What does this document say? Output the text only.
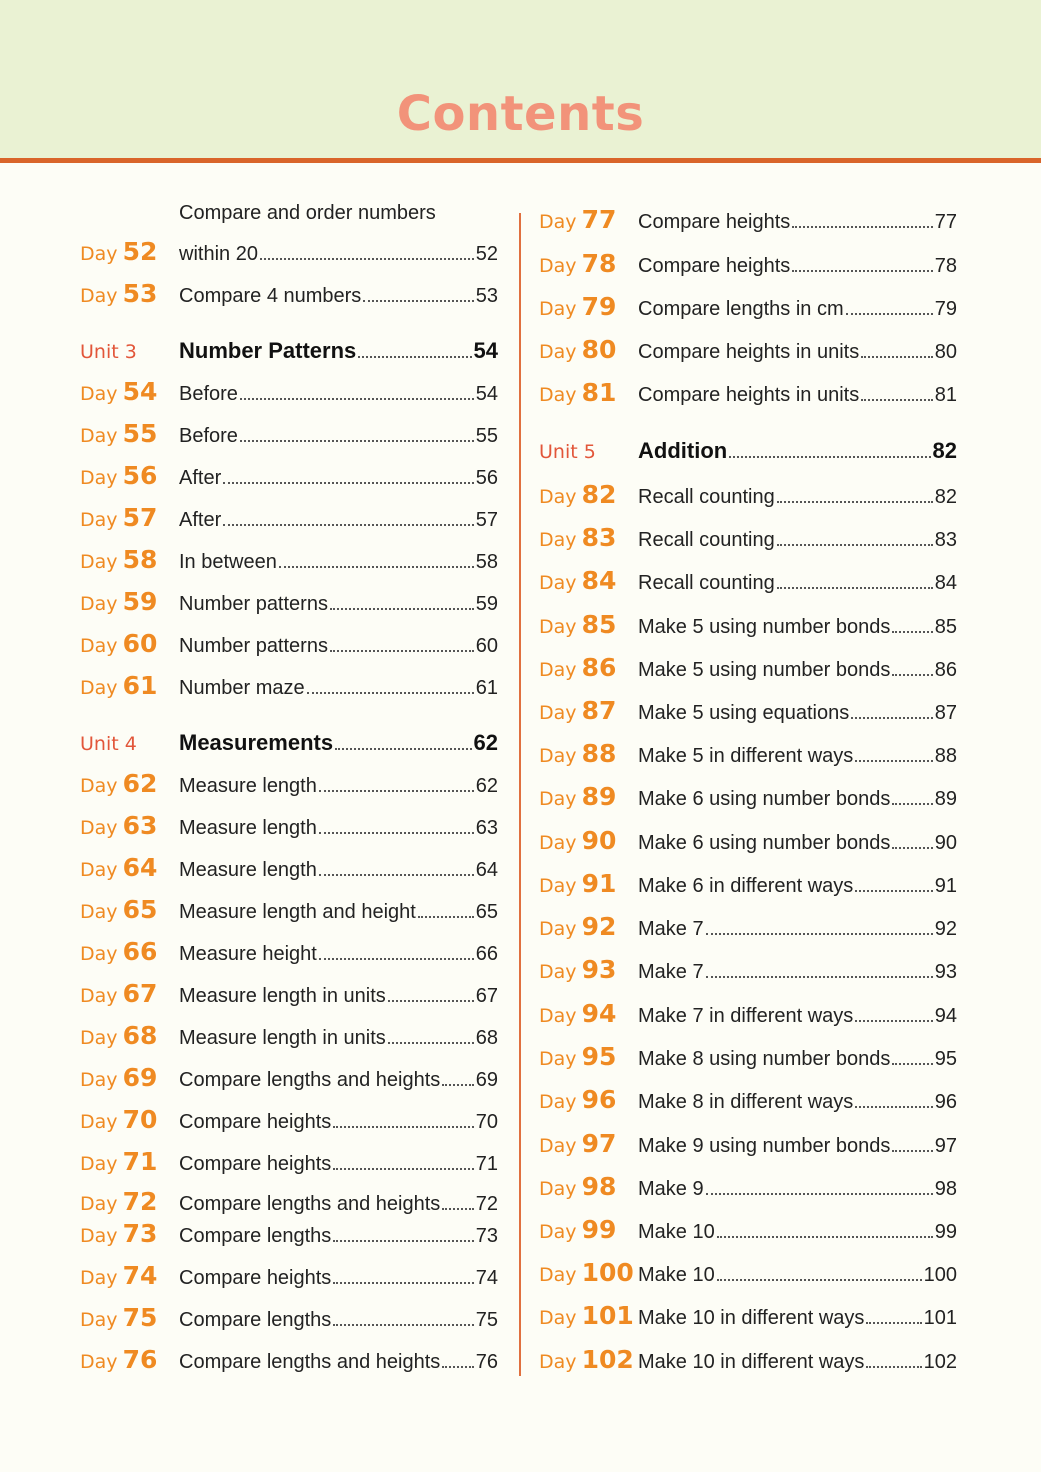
Contents
Day 52
Compare and order numbers
within 20	52
Day 53 Compare 4 numbers	53
Unit 3 Number Patterns	54
Day 54 Before	54
Day 55 Before	55
Day 56 After	56
Day 57 After	57
Day 58 In between	58
Day 59 Number patterns	59
Day 60 Number patterns	60
Day 61 Number maze	61
Unit 4 Measurements	62
Day 62 Measure length	62
Day 63 Measure length	63
Day 64 Measure length	64
Day 65 Measure length and height	65
Day 66 Measure height	66
Day 67 Measure length in units	67
Day 68 Measure length in units	68
Day 69 Compare lengths and heights 69
Day 70 Compare heights	70
Day 71 Compare heights	71
Day 72 Compare lengths and heights 72
Day 73 Compare lengths	73
Day 74 Compare heights	74
Day 75 Compare lengths	75
Day 76 Compare lengths and heights 76
Day 77 Compare heights	77
Day 78 Compare heights	78
Day 79 Compare lengths in cm	79
Day 80 Compare heights in units	80
Day 81 Compare heights in units	81
Unit 5 Addition	82
Day 82 Recall counting	82
Day 83 Recall counting	83
Day 84 Recall counting	84
Day 85 Make 5 using number bonds 85
Day 86 Make 5 using number bonds 86
Day 87 Make 5 using equations	87
Day 88 Make 5 in different ways	88
Day 89 Make 6 using number bonds 89
Day 90 Make 6 using number bonds 90
Day 91 Make 6 in different ways	91
Day 92 Make 7	92
Day 93 Make 7	93
Day 94 Make 7 in different ways	94
Day 95 Make 8 using number bonds 95
Day 96 Make 8 in different ways	96
Day 97 Make 9 using number bonds 97
Day 98 Make 9	98
Day 99 Make 10	99
Day 100 Make 10	100
Day 101 Make 10 in different ways	101
Day 102 Make 10 in different ways	102
